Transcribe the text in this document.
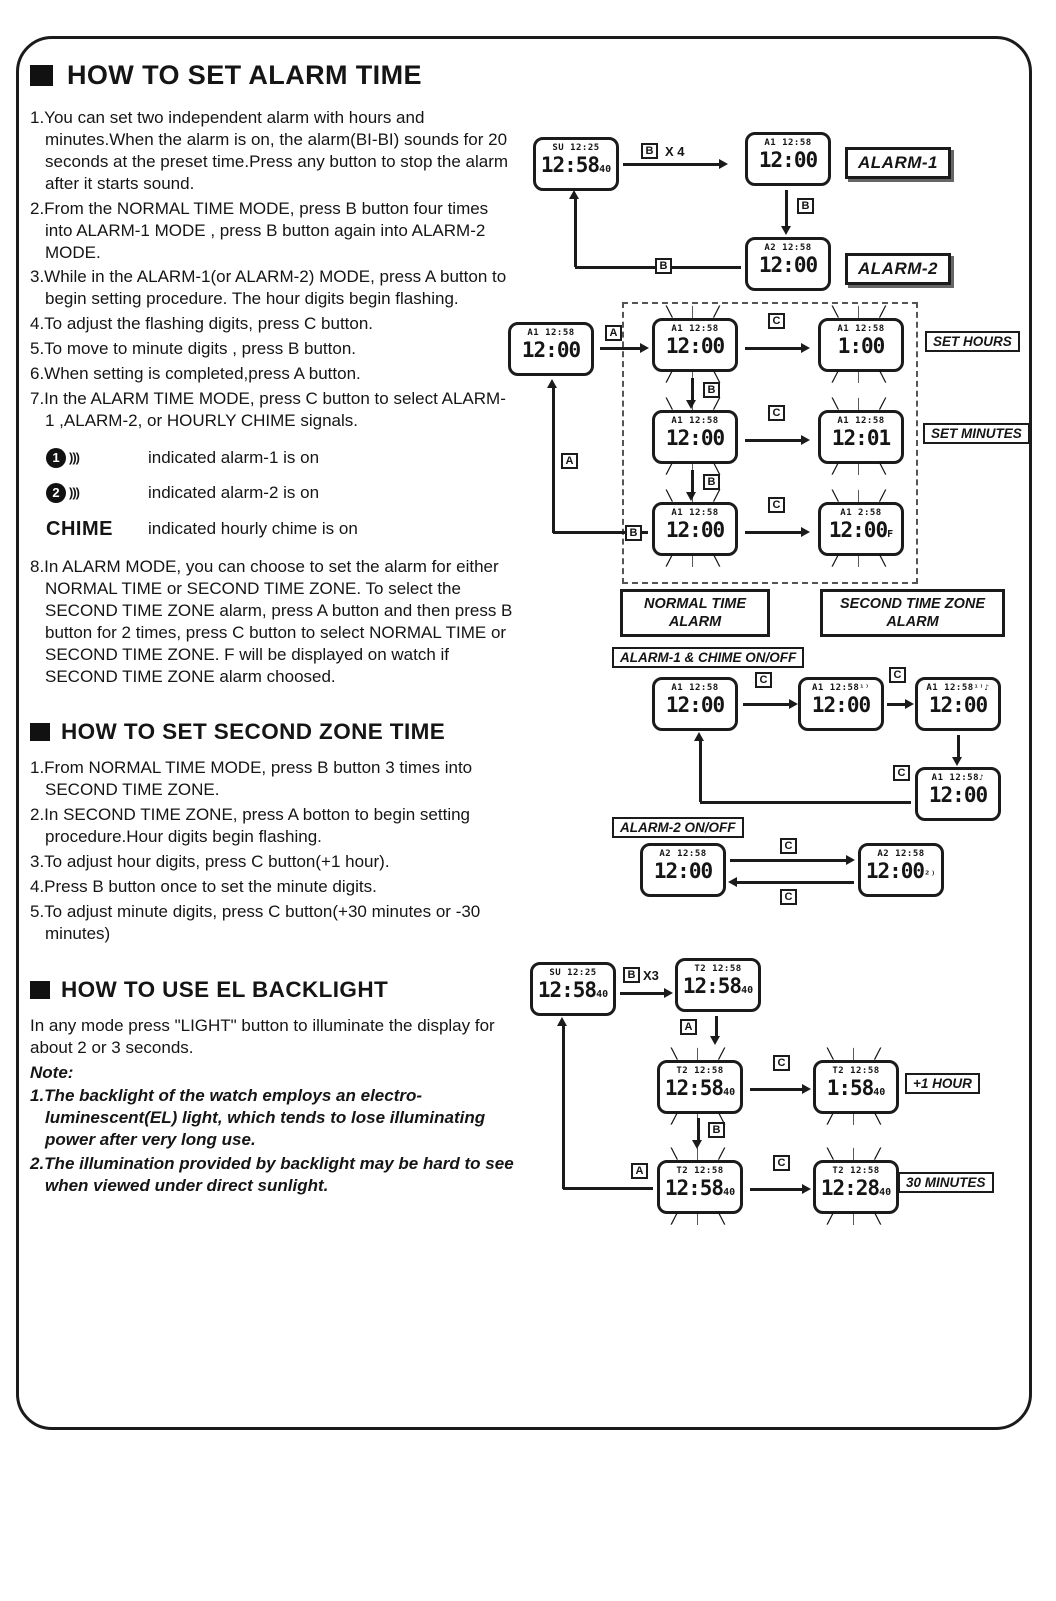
HOW TO SET ALARM TIME

1.You can set two independent alarm with hours and minutes.When the alarm is on, the alarm(BI-BI) sounds for 20 seconds at the preset time.Press any button to stop the alarm after it starts sound.

2.From the NORMAL TIME MODE, press B button four times into ALARM-1 MODE , press B button again into ALARM-2 MODE.

3.While in the ALARM-1(or ALARM-2) MODE, press A button to begin setting procedure. The hour digits begin flashing.

4.To adjust the flashing digits, press C button.

5.To move to minute digits , press B button.

6.When setting is completed,press A button.

7.In the ALARM TIME MODE, press C button to select ALARM-1 ,ALARM-2, or HOURLY CHIME signals.

1 )))	indicated alarm-1 is on
2 )))	indicated alarm-2 is on
CHIME indicated hourly chime is on

8.In ALARM MODE, you can choose to set the alarm for either NORMAL TIME or SECOND TIME ZONE. To select the SECOND TIME ZONE alarm, press A button and then press B button for 2 times, press C button to select NORMAL TIME or SECOND TIME ZONE. F will be displayed on watch if SECOND TIME ZONE alarm choosed.

HOW TO SET SECOND ZONE TIME

1.From NORMAL TIME MODE, press B button 3 times into SECOND TIME ZONE.

2.In SECOND TIME ZONE, press A botton to begin setting procedure.Hour digits begin flashing.

3.To adjust hour digits, press C button(+1 hour).

4.Press B button once to set the minute digits.

5.To adjust minute digits, press C button(+30 minutes or -30 minutes)

HOW TO USE EL BACKLIGHT

In any mode press "LIGHT" button to illuminate the display for about 2 or 3 seconds.

Note:

1.The backlight of the watch employs an electro-luminescent(EL) light, which tends to lose illuminating power after very long use.

2.The illumination provided by backlight may be hard to see when viewed under direct sunlight.

SU 12:25
12:5840
B X 4
A1 12:58
12:00	ALARM-1
B
A2 12:58
12:00	ALARM-2
B
A1 12:58
12:00
A	╲  │  ╱ A1 12:58
12:00
╱  │  ╲
C
╲  │  ╱ A1 12:58
1:00
╱  │  ╲	SET HOURS
B
╲  │  ╱ A1 12:58
12:00
╱  │  ╲
C
╲  │  ╱ A1 12:58
12:01
╱  │  ╲	SET MINUTES
B
╲  │  ╱ A1 12:58
12:00
╱  │  ╲
C
╲  │  ╱ A1 2:58
12:00F
╱  │  ╲
A
B
NORMAL TIME ALARM
SECOND TIME ZONE ALARM
ALARM-1 & CHIME ON/OFF
A1 12:58
12:00
C
A1 12:58¹⁾
12:00
C
A1 12:58¹⁾♪
12:00
C	A1 12:58♪
12:00
ALARM-2 ON/OFF
A2 12:58
12:00
C
C
A2 12:58
12:00²⁾
SU 12:25
12:5840
B X3	T2 12:58
12:5840
A
╲  │  ╱ T2 12:58
12:5840
╱  │  ╲
C
╲  │  ╱ T2 12:58
1:5840
╱  │  ╲
+1 HOUR
B
╲  │  ╱ T2 12:58
12:5840
╱  │  ╲
C
╲  │  ╱ T2 12:58
12:2840
╱  │  ╲
30 MINUTES
A
